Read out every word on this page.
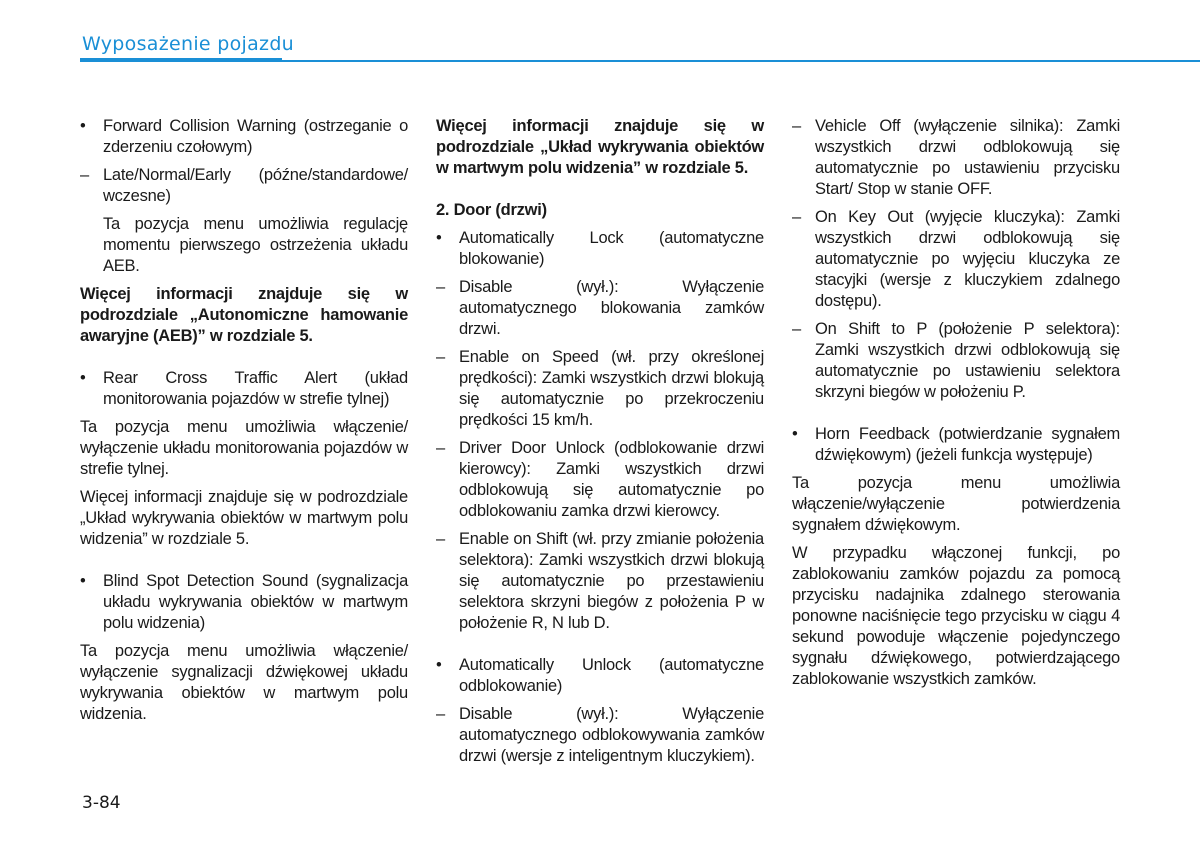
Wyposażenie pojazdu
•	Forward Collision Warning (ostrzeganie o zderzeniu czołowym)
– Late/Normal/Early (późne/standardowe/ wczesne)

Ta pozycja menu umożliwia regulację momentu pierwszego ostrzeżenia układu AEB.

Więcej informacji znajduje się w podrozdziale „Autonomiczne hamowanie awaryjne (AEB)” w rozdziale 5.

•	Rear Cross Traffic Alert (układ monitorowania pojazdów w strefie tylnej)

Ta pozycja menu umożliwia włączenie/ wyłączenie układu monitorowania pojazdów w strefie tylnej.

Więcej informacji znajduje się w podrozdziale „Układ wykrywania obiektów w martwym polu widzenia” w rozdziale 5.

•	Blind Spot Detection Sound (sygnalizacja układu wykrywania obiektów w martwym polu widzenia)

Ta pozycja menu umożliwia włączenie/ wyłączenie sygnalizacji dźwiękowej układu wykrywania obiektów w martwym polu widzenia.

Więcej informacji znajduje się w podrozdziale „Układ wykrywania obiektów w martwym polu widzenia” w rozdziale 5.

2. Door (drzwi)

•	Automatically Lock (automatyczne blokowanie)
– Disable (wył.): Wyłączenie automatycznego blokowania zamków drzwi.
– Enable on Speed (wł. przy określonej prędkości): Zamki wszystkich drzwi blokują się automatycznie po przekroczeniu prędkości 15 km/h.
– Driver Door Unlock (odblokowanie drzwi kierowcy): Zamki wszystkich drzwi odblokowują się automatycznie po odblokowaniu zamka drzwi kierowcy.
– Enable on Shift (wł. przy zmianie położenia selektora): Zamki wszystkich drzwi blokują się automatycznie po przestawieniu selektora skrzyni biegów z położenia P w położenie R, N lub D.
•	Automatically Unlock (automatyczne odblokowanie)
– Disable (wył.): Wyłączenie automatycznego odblokowywania zamków drzwi (wersje z inteligentnym kluczykiem).
– Vehicle Off (wyłączenie silnika): Zamki wszystkich drzwi odblokowują się automatycznie po ustawieniu przycisku Start/ Stop w stanie OFF.
– On Key Out (wyjęcie kluczyka): Zamki wszystkich drzwi odblokowują się automatycznie po wyjęciu kluczyka ze stacyjki (wersje z kluczykiem zdalnego dostępu).
– On Shift to P (położenie P selektora): Zamki wszystkich drzwi odblokowują się automatycznie po ustawieniu selektora skrzyni biegów w położeniu P.
•	Horn Feedback (potwierdzanie sygnałem dźwiękowym) (jeżeli funkcja występuje)

Ta pozycja menu umożliwia włączenie/wyłączenie potwierdzenia sygnałem dźwiękowym.

W przypadku włączonej funkcji, po zablokowaniu zamków pojazdu za pomocą przycisku nadajnika zdalnego sterowania ponowne naciśnięcie tego przycisku w ciągu 4 sekund powoduje włączenie pojedynczego sygnału dźwiękowego, potwierdzającego zablokowanie wszystkich zamków.

3-84
